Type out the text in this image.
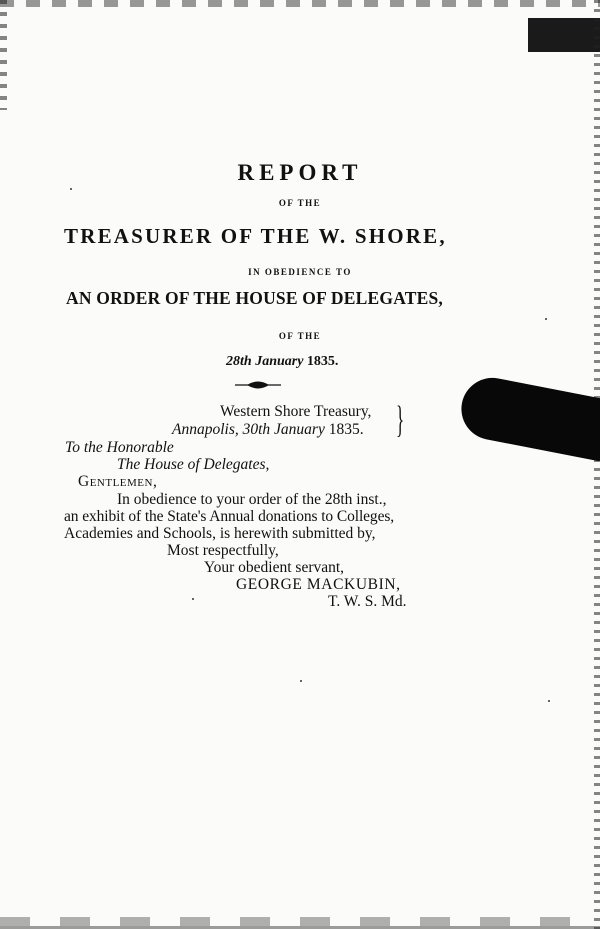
REPORT
OF THE
TREASURER OF THE W. SHORE,
IN OBEDIENCE TO
AN ORDER OF THE HOUSE OF DELEGATES,
OF THE
28th January 1835.
Western Shore Treasury,
Annapolis, 30th January 1835. }
To the Honorable
The House of Delegates,
Gentlemen,
In obedience to your order of the 28th inst.,
an exhibit of the State's Annual donations to Colleges,
Academies and Schools, is herewith submitted by,
Most respectfully,
Your obedient servant,
GEORGE MACKUBIN,
T. W. S. Md.
